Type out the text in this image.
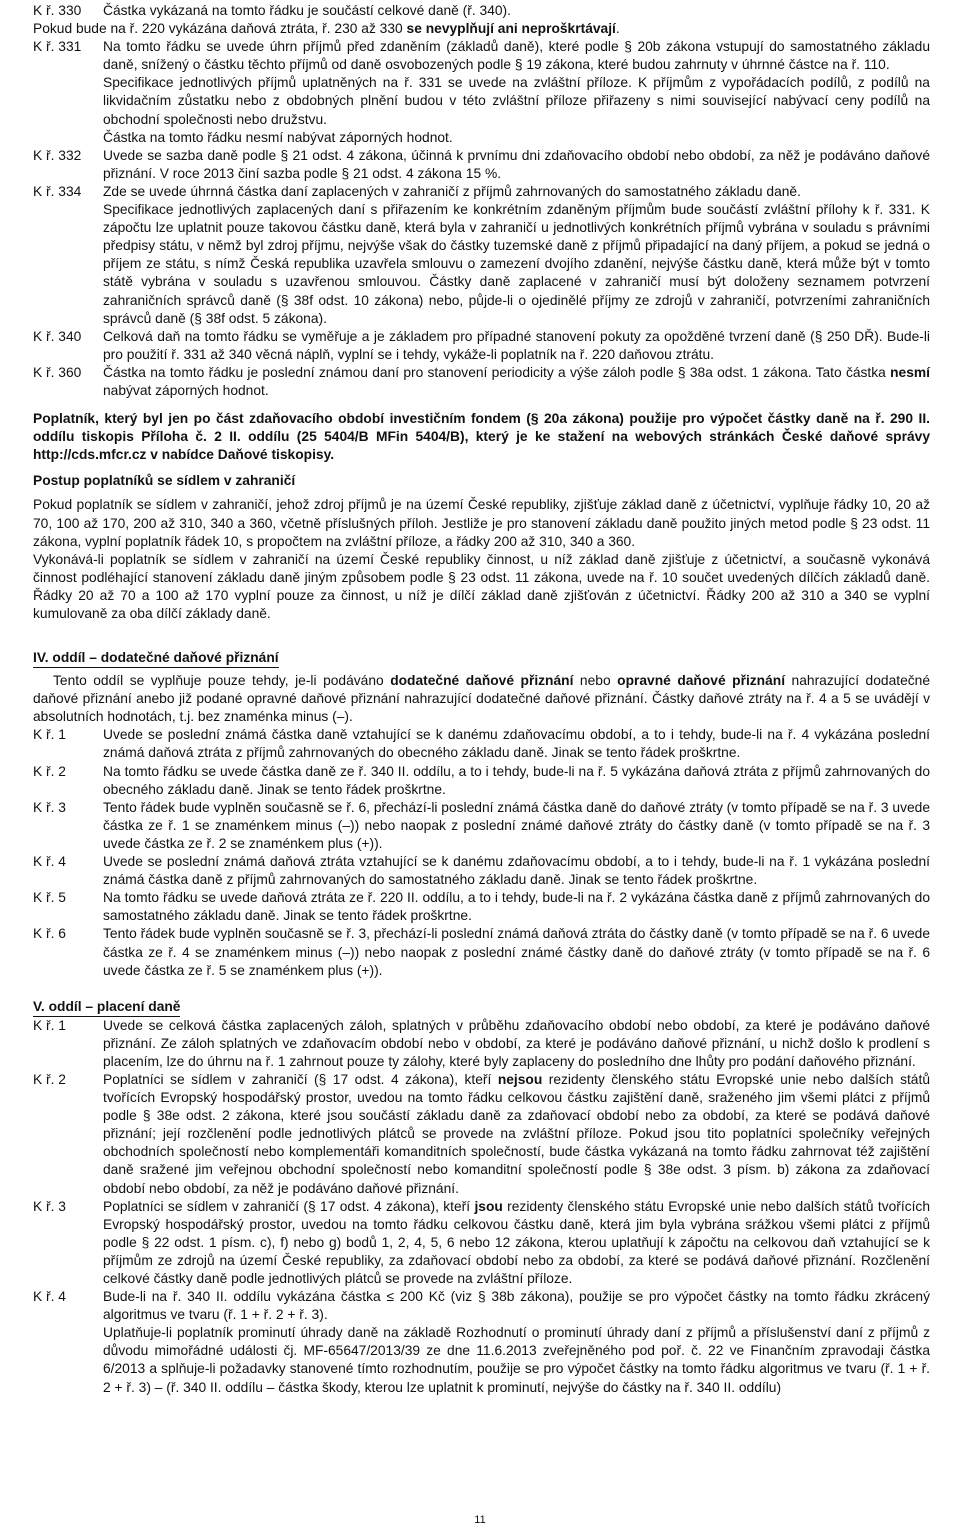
K ř. 330	Částka vykázaná na tomto řádku je součástí celkové daně (ř. 340).

Pokud bude na ř. 220 vykázána daňová ztráta, ř. 230 až 330 se nevyplňují ani neproškrtávají.
K ř. 331	Na tomto řádku se uvede úhrn příjmů před zdaněním (základů daně), které podle § 20b zákona vstupují do samostatného základu daně, snížený o částku těchto příjmů od daně osvobozených podle § 19 zákona, které budou zahrnuty v úhrnné částce na ř. 110.

Specifikace jednotlivých příjmů uplatněných na ř. 331 se uvede na zvláštní příloze. K příjmům z vypořádacích podílů, z podílů na likvidačním zůstatku nebo z obdobných plnění budou v této zvláštní příloze přiřazeny s nimi související nabývací ceny podílů na obchodní společnosti nebo družstvu.

Částka na tomto řádku nesmí nabývat záporných hodnot.

K ř. 332	Uvede se sazba daně podle § 21 odst. 4 zákona, účinná k prvnímu dni zdaňovacího období nebo období, za něž je podáváno daňové přiznání. V roce 2013 činí sazba podle § 21 odst. 4 zákona 15 %.

K ř. 334	Zde se uvede úhrnná částka daní zaplacených v zahraničí z příjmů zahrnovaných do samostatného základu daně.

Specifikace jednotlivých zaplacených daní s přiřazením ke konkrétním zdaněným příjmům bude součástí zvláštní přílohy k ř. 331. K zápočtu lze uplatnit pouze takovou částku daně, která byla v zahraničí u jednotlivých konkrétních příjmů vybrána v souladu s právními předpisy státu, v němž byl zdroj příjmu, nejvýše však do částky tuzemské daně z příjmů připadající na daný příjem, a pokud se jedná o příjem ze státu, s nímž Česká republika uzavřela smlouvu o zamezení dvojího zdanění, nejvýše částku daně, která může být v tomto státě vybrána v souladu s uzavřenou smlouvou. Částky daně zaplacené v zahraničí musí být doloženy seznamem potvrzení zahraničních správců daně (§ 38f odst. 10 zákona) nebo, půjde-li o ojedinělé příjmy ze zdrojů v zahraničí, potvrzeními zahraničních správců daně (§ 38f odst. 5 zákona).

K ř. 340	Celková daň na tomto řádku se vyměřuje a je základem pro případné stanovení pokuty za opožděné tvrzení daně (§ 250 DŘ). Bude-li pro použití ř. 331 až 340 věcná náplň, vyplní se i tehdy, vykáže-li poplatník na ř. 220 daňovou ztrátu.

K ř. 360	Částka na tomto řádku je poslední známou daní pro stanovení periodicity a výše záloh podle § 38a odst. 1 zákona. Tato částka nesmí nabývat záporných hodnot.

Poplatník, který byl jen po část zdaňovacího období investičním fondem (§ 20a zákona) použije pro výpočet částky daně na ř. 290 II. oddílu tiskopis Příloha č. 2 II. oddílu (25 5404/B MFin 5404/B), který je ke stažení na webových stránkách České daňové správy http://cds.mfcr.cz v nabídce Daňové tiskopisy.

Postup poplatníků se sídlem v zahraničí

Pokud poplatník se sídlem v zahraničí, jehož zdroj příjmů je na území České republiky, zjišťuje základ daně z účetnictví, vyplňuje řádky 10, 20 až 70, 100 až 170, 200 až 310, 340 a 360, včetně příslušných příloh. Jestliže je pro stanovení základu daně použito jiných metod podle § 23 odst. 11 zákona, vyplní poplatník řádek 10, s propočtem na zvláštní příloze, a řádky 200 až 310, 340 a 360.

Vykonává-li poplatník se sídlem v zahraničí na území České republiky činnost, u níž základ daně zjišťuje z účetnictví, a současně vykonává činnost podléhající stanovení základu daně jiným způsobem podle § 23 odst. 11 zákona, uvede na ř. 10 součet uvedených dílčích základů daně. Řádky 20 až 70 a 100 až 170 vyplní pouze za činnost, u níž je dílčí základ daně zjišťován z účetnictví. Řádky 200 až 310 a 340 se vyplní kumulovaně za oba dílčí základy daně.

IV. oddíl – dodatečné daňové přiznání

Tento oddíl se vyplňuje pouze tehdy, je-li podáváno dodatečné daňové přiznání nebo opravné daňové přiznání nahrazující dodatečné daňové přiznání anebo již podané opravné daňové přiznání nahrazující dodatečné daňové přiznání. Částky daňové ztráty na ř. 4 a 5 se uvádějí v absolutních hodnotách, t.j. bez znaménka minus (–).

K ř. 1	Uvede se poslední známá částka daně vztahující se k danému zdaňovacímu období, a to i tehdy, bude-li na ř. 4 vykázána poslední známá daňová ztráta z příjmů zahrnovaných do obecného základu daně. Jinak se tento řádek proškrtne.

K ř. 2	Na tomto řádku se uvede částka daně ze ř. 340 II. oddílu, a to i tehdy, bude-li na ř. 5 vykázána daňová ztráta z příjmů zahrnovaných do obecného základu daně. Jinak se tento řádek proškrtne.

K ř. 3	Tento řádek bude vyplněn současně se ř. 6, přechází-li poslední známá částka daně do daňové ztráty (v tomto případě se na ř. 3 uvede částka ze ř. 1 se znaménkem minus (–)) nebo naopak z poslední známé daňové ztráty do částky daně (v tomto případě se na ř. 3 uvede částka ze ř. 2 se znaménkem plus (+)).

K ř. 4	Uvede se poslední známá daňová ztráta vztahující se k danému zdaňovacímu období, a to i tehdy, bude-li na ř. 1 vykázána poslední známá částka daně z příjmů zahrnovaných do samostatného základu daně. Jinak se tento řádek proškrtne.

K ř. 5	Na tomto řádku se uvede daňová ztráta ze ř. 220 II. oddílu, a to i tehdy, bude-li na ř. 2 vykázána částka daně z příjmů zahrnovaných do samostatného základu daně. Jinak se tento řádek proškrtne.

K ř. 6	Tento řádek bude vyplněn současně se ř. 3, přechází-li poslední známá daňová ztráta do částky daně (v tomto případě se na ř. 6 uvede částka ze ř. 4 se znaménkem minus (–)) nebo naopak z poslední známé částky daně do daňové ztráty (v tomto případě se na ř. 6 uvede částka ze ř. 5 se znaménkem plus (+)).

V. oddíl – placení daně
K ř. 1	Uvede se celková částka zaplacených záloh, splatných v průběhu zdaňovacího období nebo období, za které je podáváno daňové přiznání. Ze záloh splatných ve zdaňovacím období nebo v období, za které je podáváno daňové přiznání, u nichž došlo k prodlení s placením, lze do úhrnu na ř. 1 zahrnout pouze ty zálohy, které byly zaplaceny do posledního dne lhůty pro podání daňového přiznání.

K ř. 2	Poplatníci se sídlem v zahraničí (§ 17 odst. 4 zákona), kteří nejsou rezidenty členského státu Evropské unie nebo dalších států tvořících Evropský hospodářský prostor, uvedou na tomto řádku celkovou částku zajištění daně, sraženého jim všemi plátci z příjmů podle § 38e odst. 2 zákona, které jsou součástí základu daně za zdaňovací období nebo za období, za které se podává daňové přiznání; její rozčlenění podle jednotlivých plátců se provede na zvláštní příloze. Pokud jsou tito poplatníci společníky veřejných obchodních společností nebo komplementáři komanditních společností, bude částka vykázaná na tomto řádku zahrnovat též zajištění daně sražené jim veřejnou obchodní společností nebo komanditní společností podle § 38e odst. 3 písm. b) zákona za zdaňovací období nebo období, za něž je podáváno daňové přiznání.

K ř. 3	Poplatníci se sídlem v zahraničí (§ 17 odst. 4 zákona), kteří jsou rezidenty členského státu Evropské unie nebo dalších států tvořících Evropský hospodářský prostor, uvedou na tomto řádku celkovou částku daně, která jim byla vybrána srážkou všemi plátci z příjmů podle § 22 odst. 1 písm. c), f) nebo g) bodů 1, 2, 4, 5, 6 nebo 12 zákona, kterou uplatňují k zápočtu na celkovou daň vztahující se k příjmům ze zdrojů na území České republiky, za zdaňovací období nebo za období, za které se podává daňové přiznání. Rozčlenění celkové částky daně podle jednotlivých plátců se provede na zvláštní příloze.

K ř. 4	Bude-li na ř. 340 II. oddílu vykázána částka ≤ 200 Kč (viz § 38b zákona), použije se pro výpočet částky na tomto řádku zkrácený algoritmus ve tvaru (ř. 1 + ř. 2 + ř. 3).

Uplatňuje-li poplatník prominutí úhrady daně na základě Rozhodnutí o prominutí úhrady daní z příjmů a příslušenství daní z příjmů z důvodu mimořádné události čj. MF-65647/2013/39 ze dne 11.6.2013 zveřejněného pod poř. č. 22 ve Finančním zpravodaji částka 6/2013 a splňuje-li požadavky stanovené tímto rozhodnutím, použije se pro výpočet částky na tomto řádku algoritmus ve tvaru (ř. 1 + ř. 2 + ř. 3) – (ř. 340 II. oddílu – částka škody, kterou lze uplatnit k prominutí, nejvýše do částky na ř. 340 II. oddílu)

11
